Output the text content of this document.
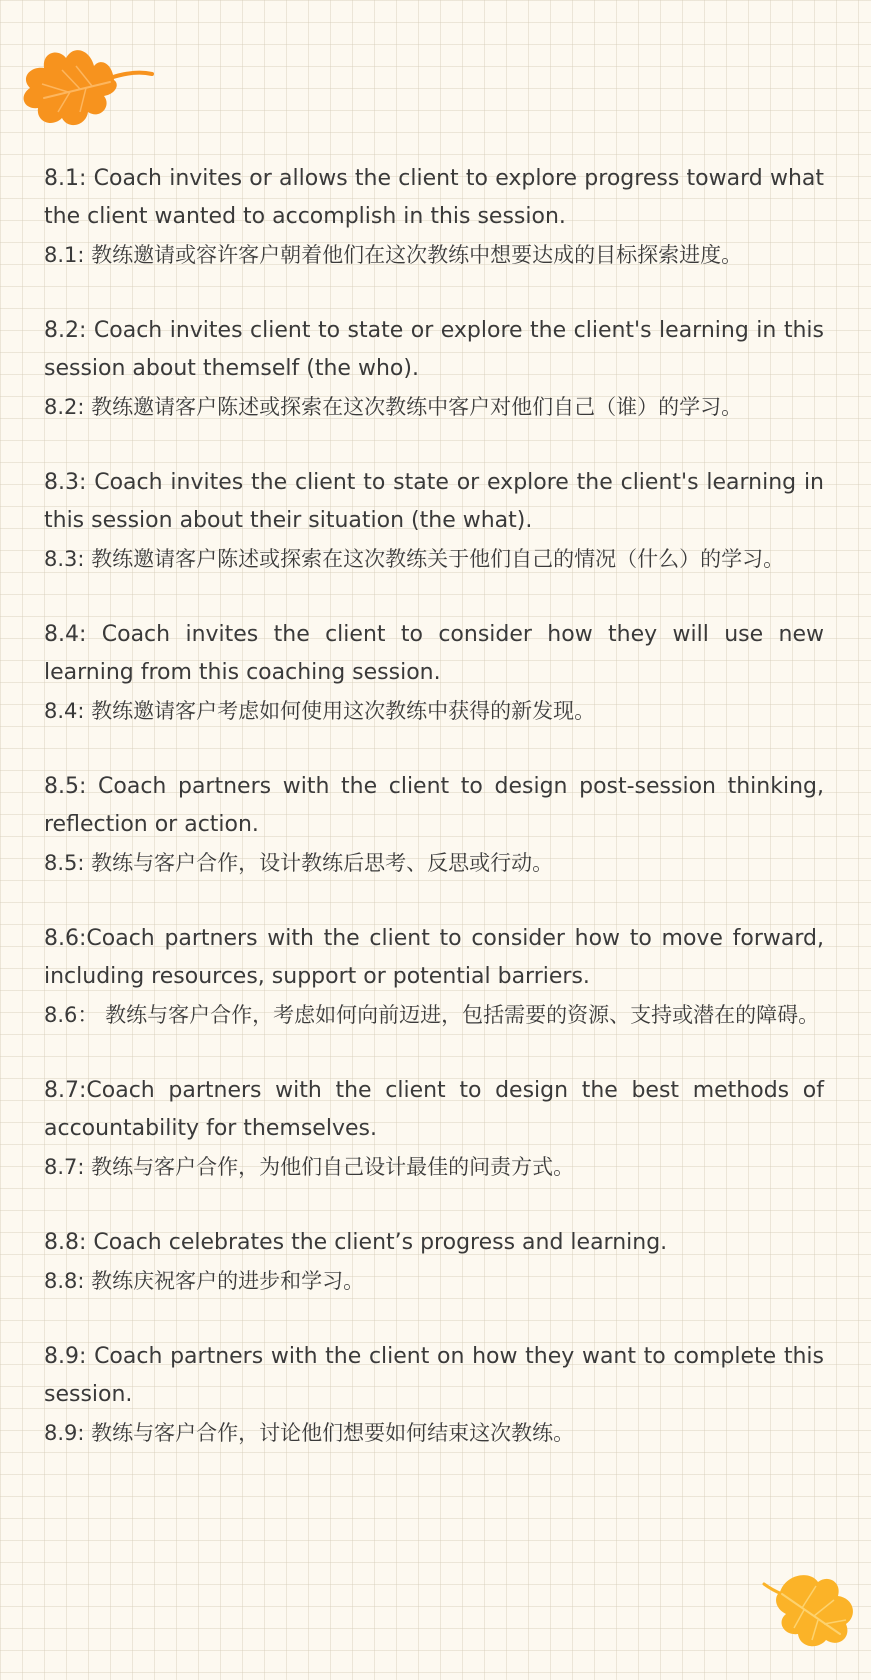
8.1: Coach invites or allows the client to explore progress toward what the client wanted to accomplish in this session.

8.1: 教练邀请或容许客户朝着他们在这次教练中想要达成的目标探索进度。

8.2: Coach invites client to state or explore the client's learning in this session about themself (the who).

8.2: 教练邀请客户陈述或探索在这次教练中客户对他们自己（谁）的学习。

8.3: Coach invites the client to state or explore the client's learning in this session about their situation (the what).

8.3: 教练邀请客户陈述或探索在这次教练关于他们自己的情况（什么）的学习。

8.4: Coach invites the client to consider how they will use new learning from this coaching session.

8.4: 教练邀请客户考虑如何使用这次教练中获得的新发现。

8.5: Coach partners with the client to design post-session thinking, reflection or action.

8.5: 教练与客户合作，设计教练后思考、反思或行动。

8.6:Coach partners with the client to consider how to move forward, including resources, support or potential barriers.

8.6： 教练与客户合作，考虑如何向前迈进，包括需要的资源、支持或潜在的障碍。

8.7:Coach partners with the client to design the best methods of accountability for themselves.

8.7: 教练与客户合作，为他们自己设计最佳的问责方式。

8.8: Coach celebrates the client’s progress and learning.

8.8: 教练庆祝客户的进步和学习。

8.9: Coach partners with the client on how they want to complete this session.

8.9: 教练与客户合作，讨论他们想要如何结束这次教练。
